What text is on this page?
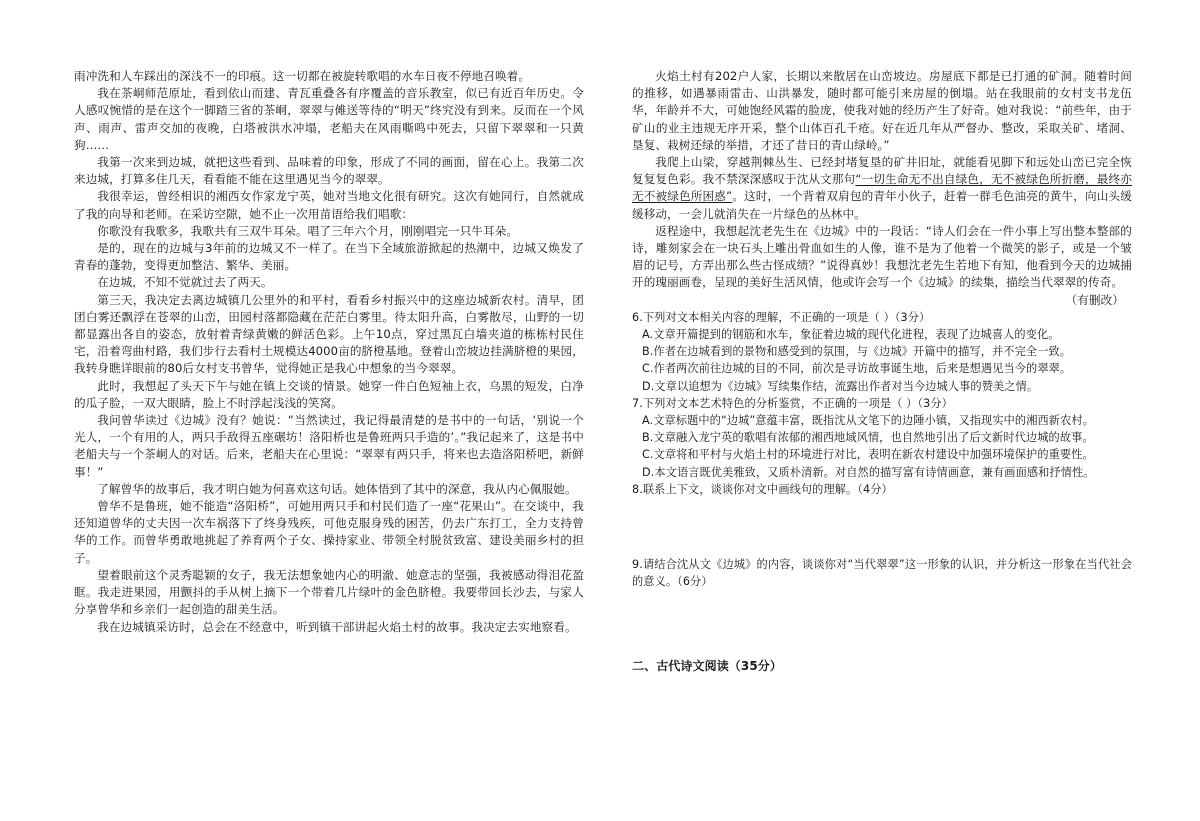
雨冲洗和人车踩出的深浅不一的印痕。这一切都在被旋转歌唱的水车日夜不停地召唤着。

我在茶峒师范原址，看到依山而建、青瓦重叠各有序覆盖的音乐教室，似已有近百年历史。令人感叹惋惜的是在这个一脚踏三省的茶峒，翠翠与傩送等待的“明天”终究没有到来。反而在一个风声、雨声、雷声交加的夜晚，白塔被洪水冲塌，老船夫在风雨嘶鸣中死去，只留下翠翠和一只黄狗……

我第一次来到边城，就把这些看到、品味着的印象，形成了不同的画面，留在心上。我第二次来边城，打算多住几天，看看能不能在这里遇见当今的翠翠。

我很幸运，曾经相识的湘西女作家龙宁英，她对当地文化很有研究。这次有她同行，自然就成了我的向导和老师。在采访空隙，她不止一次用苗语给我们唱歌：

你歌没有我歌多，我歌共有三双牛耳朵。唱了三年六个月，刚刚唱完一只牛耳朵。

是的，现在的边城与3年前的边城又不一样了。在当下全域旅游掀起的热潮中，边城又焕发了青春的蓬勃，变得更加整洁、繁华、美丽。

在边城，不知不觉就过去了两天。

第三天，我决定去离边城镇几公里外的和平村，看看乡村振兴中的这座边城新农村。清早，团团白雾还飘浮在苍翠的山峦，田园村落都隐藏在茫茫白雾里。待太阳升高，白雾散尽，山野的一切都显露出各自的姿态，放射着青绿黄嫩的鲜活色彩。上午10点，穿过黑瓦白墙夹道的栋栋村民住宅，沿着弯曲村路，我们步行去看村土规模达4000亩的脐橙基地。登着山峦坡边挂满脐橙的果园，我转身瞧详眼前的80后女村支书曾华，觉得她正是我心中想象的当今翠翠。

此时，我想起了头天下午与她在镇上交谈的情景。她穿一件白色短袖上衣，乌黑的短发，白净的瓜子脸，一双大眼睛，脸上不时浮起浅浅的笑窝。

我问曾华读过《边城》没有？她说：“当然读过，我记得最清楚的是书中的一句话，‘别说一个光人，一个有用的人，两只手敌得五座碾坊！洛阳桥也是鲁班两只手造的’。”我记起来了，这是书中老船夫与一个茶峒人的对话。后来，老船夫在心里说：“翠翠有两只手，将来也去造洛阳桥吧，新鲜事！”

了解曾华的故事后，我才明白她为何喜欢这句话。她体悟到了其中的深意，我从内心佩服她。

曾华不是鲁班，她不能造“洛阳桥”，可她用两只手和村民们造了一座“花果山”。在交谈中，我还知道曾华的丈夫因一次车祸落下了终身残疾，可他克服身残的困苦，仍去广东打工，全力支持曾华的工作。而曾华勇敢地挑起了养育两个子女、操持家业、带领全村脱贫致富、建设美丽乡村的担子。

望着眼前这个灵秀聪颖的女子，我无法想象她内心的明澈、她意志的坚强，我被感动得泪花盈眶。我走进果园，用颤抖的手从树上摘下一个带着几片绿叶的金色脐橙。我要带回长沙去，与家人分享曾华和乡亲们一起创造的甜美生活。

我在边城镇采访时，总会在不经意中，听到镇干部讲起火焰土村的故事。我决定去实地察看。

火焰土村有202户人家，长期以来散居在山峦坡边。房屋底下都是已打通的矿洞。随着时间的推移，如遇暴雨雷击、山洪暴发，随时都可能引来房屋的倒塌。站在我眼前的女村支书龙伍华，年龄并不大，可她饱经风霜的脸庞，使我对她的经历产生了好奇。她对我说：“前些年，由于矿山的业主违规无序开采，整个山体百孔千疮。好在近几年从严督办、整改，采取关矿、堵洞、垦复、栽树还绿的举措，才还了昔日的青山绿岭。”

我爬上山梁，穿越荆棘丛生、已经封堵复垦的矿井旧址，就能看见脚下和远处山峦已完全恢复复复色彩。我不禁深深感叹于沈从文那句“一切生命无不出自绿色，无不被绿色所折磨，最终亦无不被绿色所困惑”。这时，一个背着双肩包的青年小伙子，赶着一群毛色油亮的黄牛，向山头缓缓移动，一会儿就消失在一片绿色的丛林中。

返程途中，我想起沈老先生在《边城》中的一段话：“诗人们会在一件小事上写出整本整部的诗，雕刻家会在一块石头上雕出骨血如生的人像，谁不是为了他着一个微笑的影子，或是一个皱眉的记号，方弄出那么些古怪成绩？”说得真妙！我想沈老先生若地下有知，他看到今天的边城捕开的瑰丽画卷，呈现的美好生活风情，他或许会写一个《边城》的续集，描绘当代翠翠的传奇。

（有删改）

6.下列对文本相关内容的理解，不正确的一项是（ ）（3分）

A.文章开篇提到的钢筋和水车，象征着边城的现代化进程，表现了边城喜人的变化。

B.作者在边城看到的景物和感受到的氛围，与《边城》开篇中的描写，并不完全一致。

C.作者两次前往边城的目的不同，前次是寻访故事诞生地，后来是想遇见当今的翠翠。

D.文章以追想为《边城》写续集作结，流露出作者对当今边城人事的赞美之情。

7.下列对文本艺术特色的分析鉴赏，不正确的一项是（ ）（3分）

A.文章标题中的“边城”意蕴丰富，既指沈从文笔下的边陲小镇，又指现实中的湘西新农村。

B.文章融入龙宁英的歌唱有浓郁的湘西地域风情，也自然地引出了后文新时代边城的故事。

C.文章将和平村与火焰土村的环境进行对比，表明在新农村建设中加强环境保护的重要性。

D.本文语言既优美雅致，又质朴清新。对自然的描写富有诗情画意，兼有画面感和抒情性。

8.联系上下文，谈谈你对文中画线句的理解。（4分）

9.请结合沈从文《边城》的内容，谈谈你对“当代翠翠”这一形象的认识，并分析这一形象在当代社会的意义。（6分）

二、古代诗文阅读（35分）
